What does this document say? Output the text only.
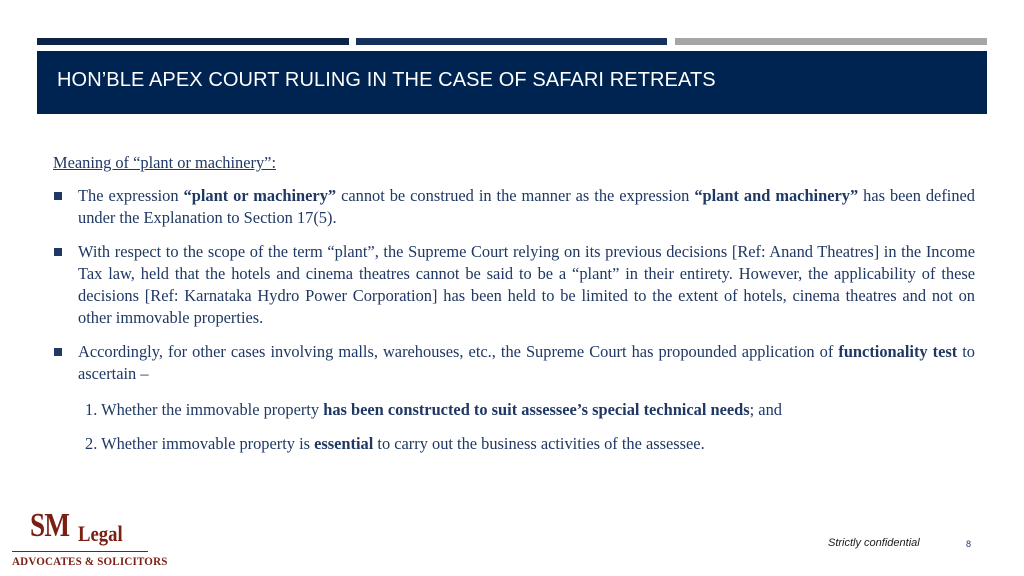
HON’BLE APEX COURT RULING IN THE CASE OF SAFARI RETREATS
Meaning of “plant or machinery”:
The expression “plant or machinery” cannot be construed in the manner as the expression “plant and machinery” has been defined under the Explanation to Section 17(5).
With respect to the scope of the term “plant”, the Supreme Court relying on its previous decisions [Ref: Anand Theatres] in the Income Tax law, held that the hotels and cinema theatres cannot be said to be a “plant” in their entirety. However, the applicability of these decisions [Ref: Karnataka Hydro Power Corporation] has been held to be limited to the extent of hotels, cinema theatres and not on other immovable properties.
Accordingly, for other cases involving malls, warehouses, etc., the Supreme Court has propounded application of functionality test to ascertain –
1. Whether the immovable property has been constructed to suit assessee’s special technical needs; and
2. Whether immovable property is essential to carry out the business activities of the assessee.
SM Legal
ADVOCATES & SOLICITORS
Strictly confidential	8
